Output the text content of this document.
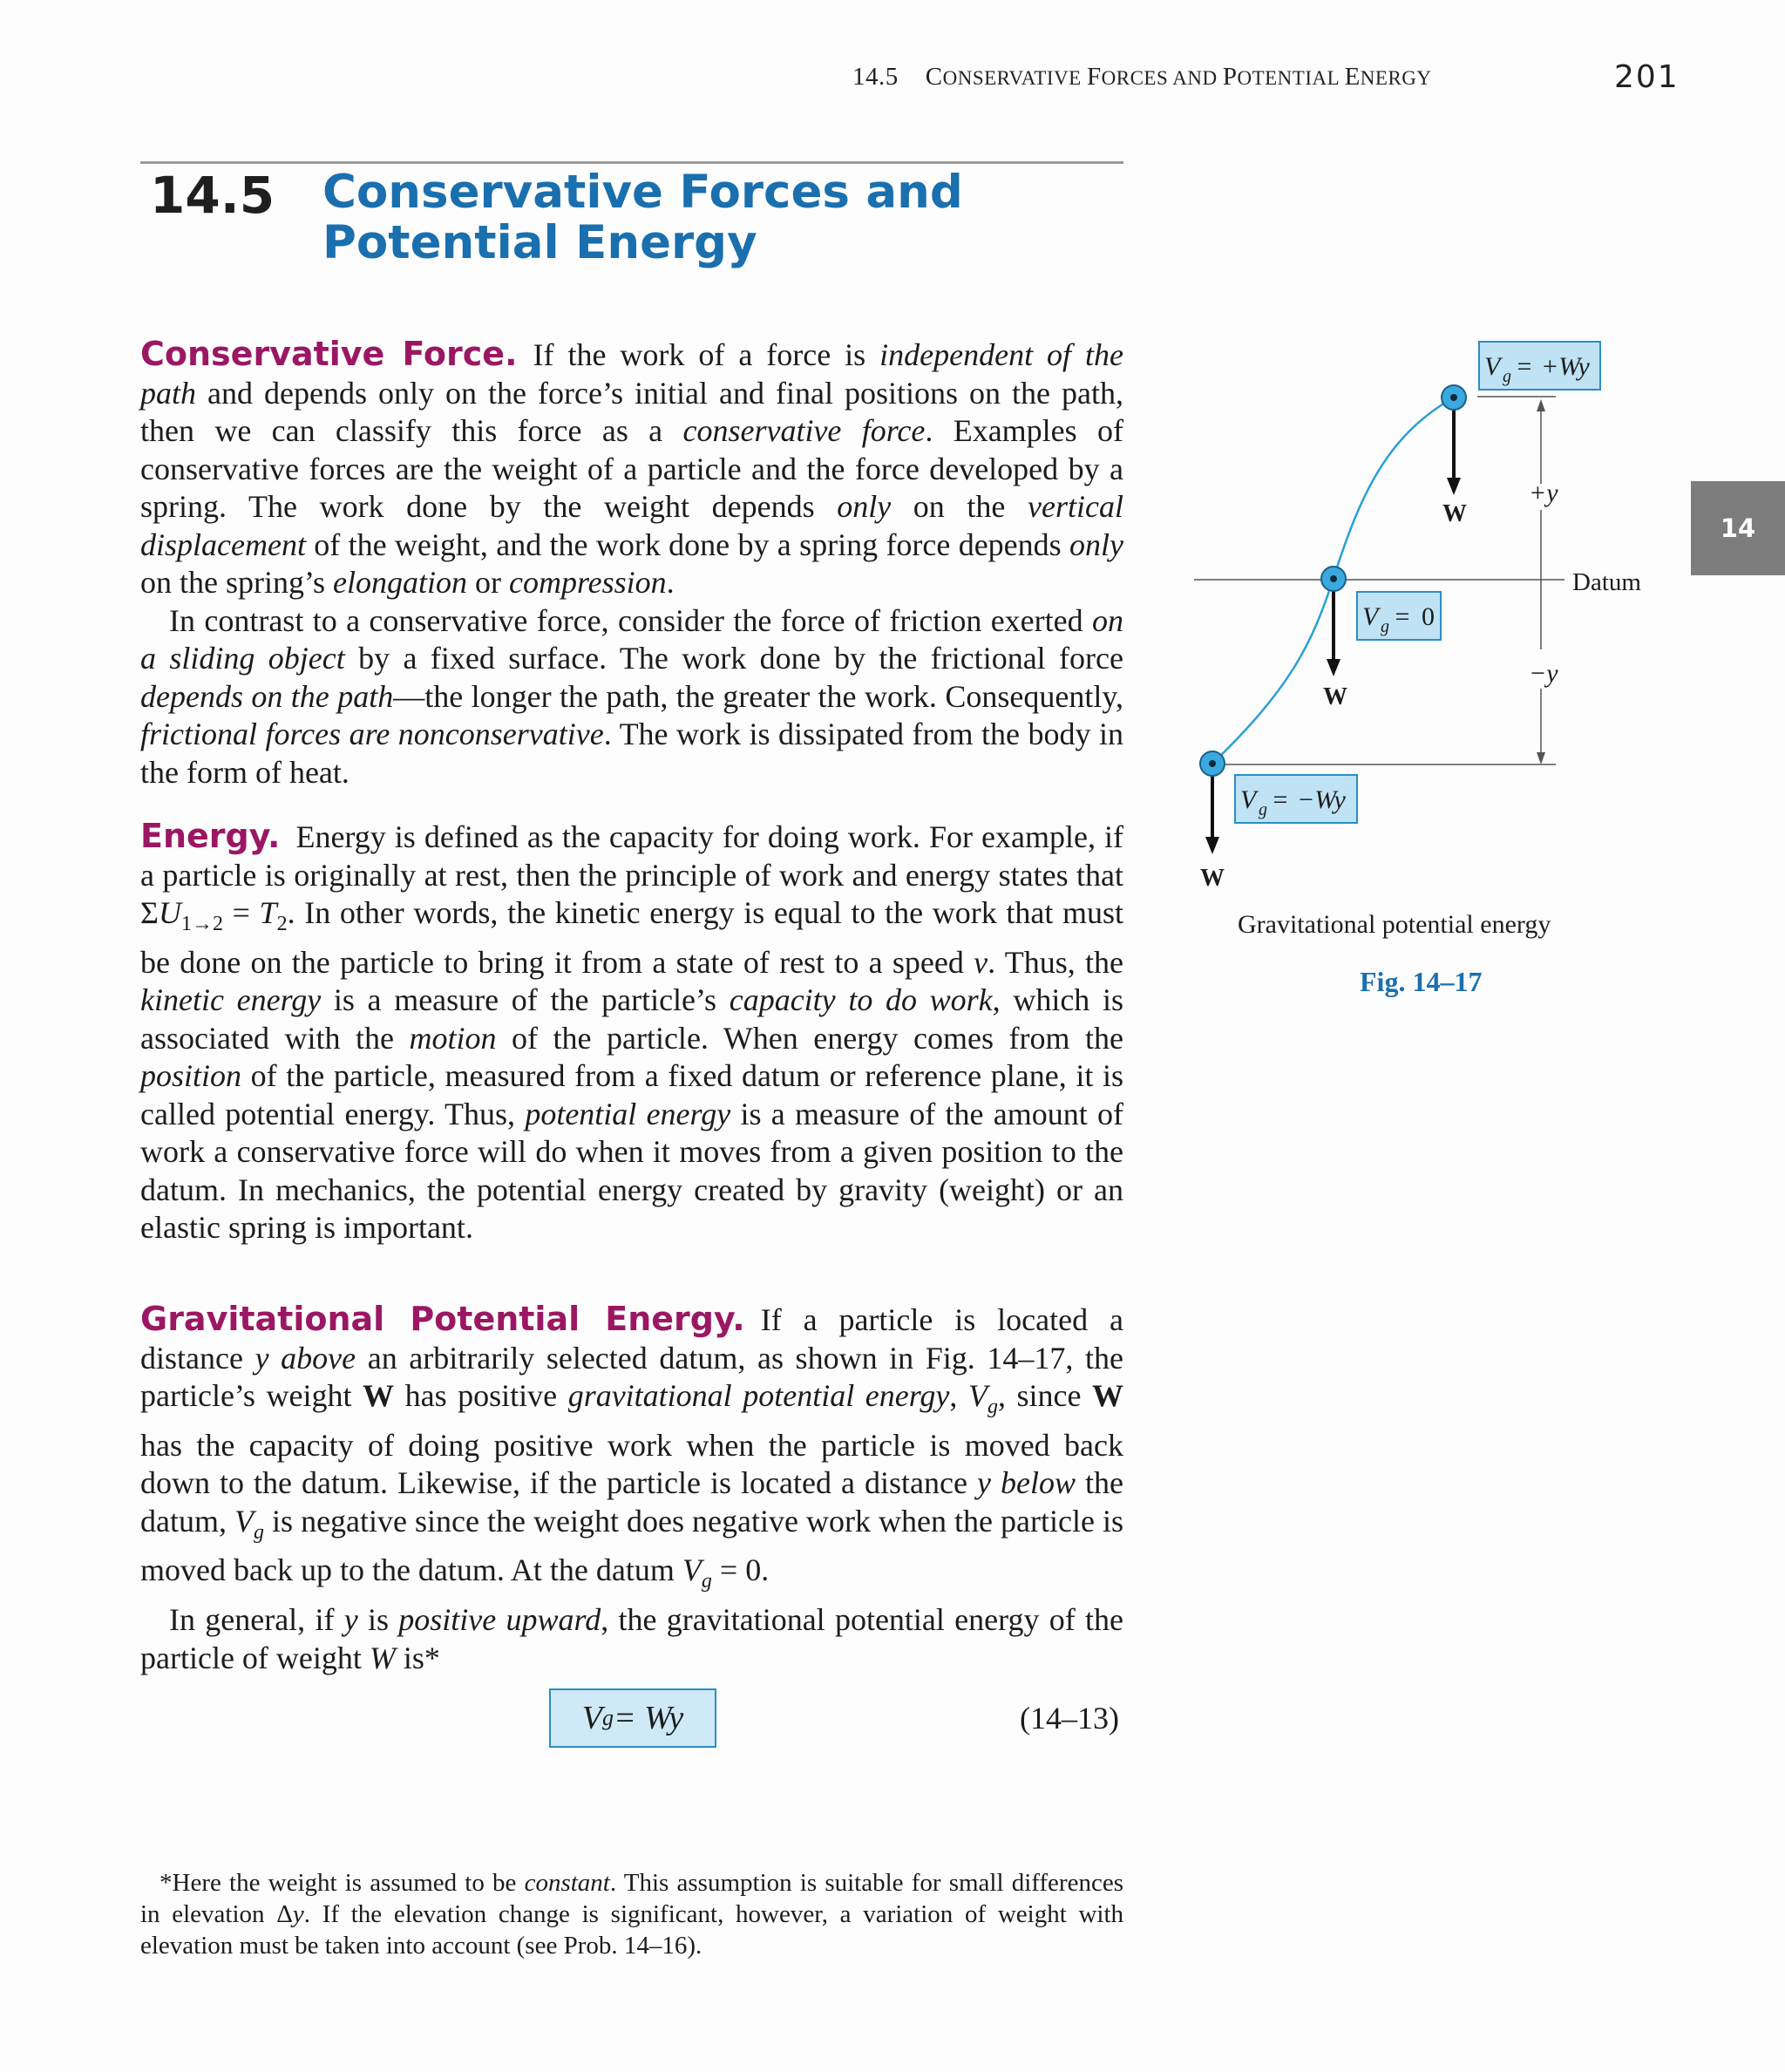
14.5 CONSERVATIVE FORCES AND POTENTIAL ENERGY	201
14.5 Conservative Forces and
Potential Energy

Conservative Force. If the work of a force is independent of the path and depends only on the force’s initial and final positions on the path, then we can classify this force as a conservative force. Examples of conservative forces are the weight of a particle and the force developed by a spring. The work done by the weight depends only on the vertical displacement of the weight, and the work done by a spring force depends only on the spring’s elongation or compression.

In contrast to a conservative force, consider the force of friction exerted on a sliding object by a fixed surface. The work done by the frictional force depends on the path—the longer the path, the greater the work. Consequently, frictional forces are nonconservative. The work is dissipated from the body in the form of heat.

Energy. Energy is defined as the capacity for doing work. For example, if a particle is originally at rest, then the principle of work and energy states that $\Sigma U_{1\to 2} = T_2$. In other words, the kinetic energy is equal to the work that must be done on the particle to bring it from a state of rest to a speed v. Thus, the kinetic energy is a measure of the particle’s capacity to do work, which is associated with the motion of the particle. When energy comes from the position of the particle, measured from a fixed datum or reference plane, it is called potential energy. Thus, potential energy is a measure of the amount of work a conservative force will do when it moves from a given position to the datum. In mechanics, the potential energy created by gravity (weight) or an elastic spring is important.

Gravitational Potential Energy. If a particle is located a distance y above an arbitrarily selected datum, as shown in Fig. 14–17, the particle’s weight W has positive gravitational potential energy, $V_g$, since W has the capacity of doing positive work when the particle is moved back down to the datum. Likewise, if the particle is located a distance y below the datum, $V_g$ is negative since the weight does negative work when the particle is moved back up to the datum. At the datum $V_g = 0$.

In general, if y is positive upward, the gravitational potential energy of the particle of weight W is*

V g = Wy	(14–13)
*Here the weight is assumed to be constant. This assumption is suitable for small differences in elevation Δy. If the elevation change is significant, however, a variation of weight with elevation must be taken into account (see Prob. 14–16).
14
V g = +Wy
V g = 0
V g = −Wy
W
W
W
+y
−y
Datum
Gravitational potential energy
Fig. 14–17
